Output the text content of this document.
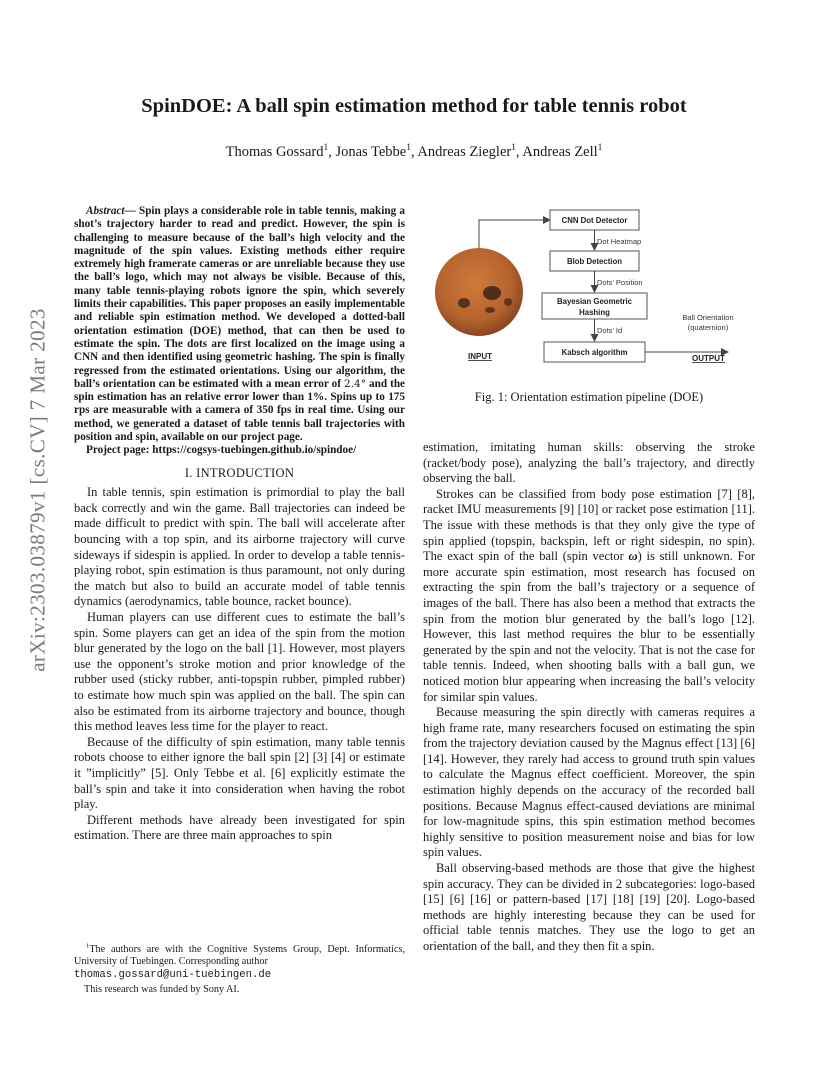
arXiv:2303.03879v1 [cs.CV] 7 Mar 2023
SpinDOE: A ball spin estimation method for table tennis robot
Thomas Gossard$^1$, Jonas Tebbe$^1$, Andreas Ziegler$^1$, Andreas Zell$^1$

Abstract— Spin plays a considerable role in table tennis, making a shot’s trajectory harder to read and predict. However, the spin is challenging to measure because of the ball’s high velocity and the magnitude of the spin values. Existing methods either require extremely high framerate cameras or are unreliable because they use the ball’s logo, which may not always be visible. Because of this, many table tennis-playing robots ignore the spin, which severely limits their capabilities. This paper proposes an easily implementable and reliable spin estimation method. We developed a dotted-ball orientation estimation (DOE) method, that can then be used to estimate the spin. The dots are first localized on the image using a CNN and then identified using geometric hashing. The spin is finally regressed from the estimated orientations. Using our algorithm, the ball’s orientation can be estimated with a mean error of 2.4° and the spin estimation has an relative error lower than 1%. Spins up to 175 rps are measurable with a camera of 350 fps in real time. Using our method, we generated a dataset of table tennis ball trajectories with position and spin, available on our project page.

Project page: https://cogsys-tuebingen.github.io/spindoe/
I. INTRODUCTION

In table tennis, spin estimation is primordial to play the ball back correctly and win the game. Ball trajectories can indeed be made difficult to predict with spin. The ball will accelerate after bouncing with a top spin, and its airborne trajectory will curve sideways if sidespin is applied. In order to develop a table tennis-playing robot, spin estimation is thus paramount, not only during the match but also to build an accurate model of table tennis dynamics (aerodynamics, table bounce, racket bounce).

Human players can use different cues to estimate the ball’s spin. Some players can get an idea of the spin from the motion blur generated by the logo on the ball [1]. However, most players use the opponent’s stroke motion and prior knowledge of the rubber used (sticky rubber, anti-topspin rubber, pimpled rubber) to estimate how much spin was applied on the ball. The spin can also be estimated from its airborne trajectory and bounce, though this method leaves less time for the player to react.

Because of the difficulty of spin estimation, many table tennis robots choose to either ignore the ball spin [2] [3] [4] or estimate it ”implicitly” [5]. Only Tebbe et al. [6] explicitly estimate the ball’s spin and take it into consideration when having the robot play.

Different methods have already been investigated for spin estimation. There are three main approaches to spin

$^1$The authors are with the Cognitive Systems Group, Dept. Informatics, University of Tuebingen. Corresponding author
thomas.gossard@uni-tuebingen.de
This research was funded by Sony AI.
INPUT
CNN Dot Detector
Dot Heatmap
Blob Detection
Dots’ Position
Bayesian Geometric
Hashing
Dots’ Id
Kabsch algorithm
Ball Orientation
(quaternion)
OUTPUT
Fig. 1: Orientation estimation pipeline (DOE)

estimation, imitating human skills: observing the stroke (racket/body pose), analyzing the ball’s trajectory, and directly observing the ball.

Strokes can be classified from body pose estimation [7] [8], racket IMU measurements [9] [10] or racket pose estimation [11]. The issue with these methods is that they only give the type of spin applied (topspin, backspin, left or right sidespin, no spin). The exact spin of the ball (spin vector ω) is still unknown. For more accurate spin estimation, most research has focused on extracting the spin from the ball’s trajectory or a sequence of images of the ball. There has also been a method that extracts the spin from the motion blur generated by the ball’s logo [12]. However, this last method requires the blur to be essentially generated by the spin and not the velocity. That is not the case for table tennis. Indeed, when shooting balls with a ball gun, we noticed motion blur appearing when increasing the ball’s velocity for similar spin values.

Because measuring the spin directly with cameras requires a high frame rate, many researchers focused on estimating the spin from the trajectory deviation caused by the Magnus effect [13] [6] [14]. However, they rarely had access to ground truth spin values to calculate the Magnus effect coefficient. Moreover, the spin estimation highly depends on the accuracy of the recorded ball positions. Because Magnus effect-caused deviations are minimal for low-magnitude spins, this spin estimation method becomes highly sensitive to position measurement noise and bias for low spin values.

Ball observing-based methods are those that give the highest spin accuracy. They can be divided in 2 subcategories: logo-based [15] [6] [16] or pattern-based [17] [18] [19] [20]. Logo-based methods are highly interesting because they can be used for official table tennis matches. They use the logo to get an orientation of the ball, and they then fit a spin.
